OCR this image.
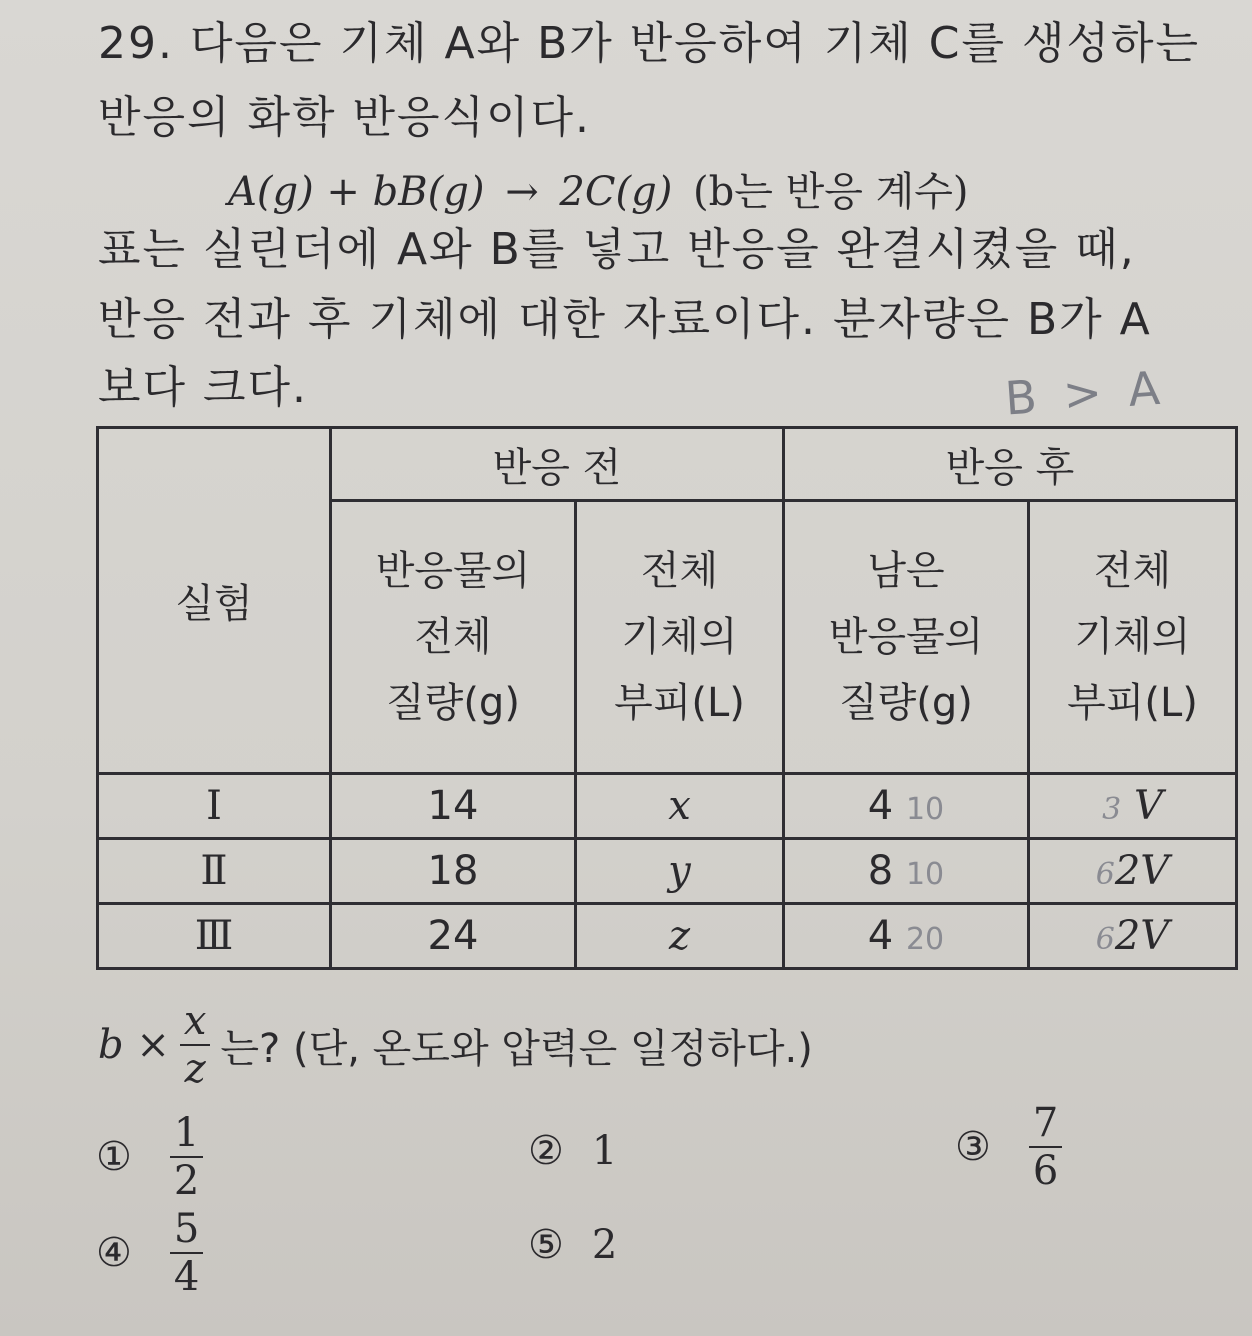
29. 다음은 기체 A와 B가 반응하여 기체 C를 생성하는
반응의 화학 반응식이다.
A(g) + bB(g) → 2C(g) (b는 반응 계수)
표는 실린더에 A와 B를 넣고 반응을 완결시켰을 때,
반응 전과 후 기체에 대한 자료이다. 분자량은 B가 A
보다 크다.	B > A
실험	반응 전		반응 후	
	반응물의
전체
질량(g)	전체
기체의
부피(L)	남은
반응물의
질량(g)	전체
기체의
부피(L)
Ⅰ	14	x	4 10	3 V
Ⅱ	18	y	8 10	62V
Ⅲ	24	z	4 20	62V
$b \times \frac{x}{z}$ 는? (단, 온도와 압력은 일정하다.)
① $\frac{1}{2}$	② 1	③ $\frac{7}{6}$
④ $\frac{5}{4}$	⑤ 2
